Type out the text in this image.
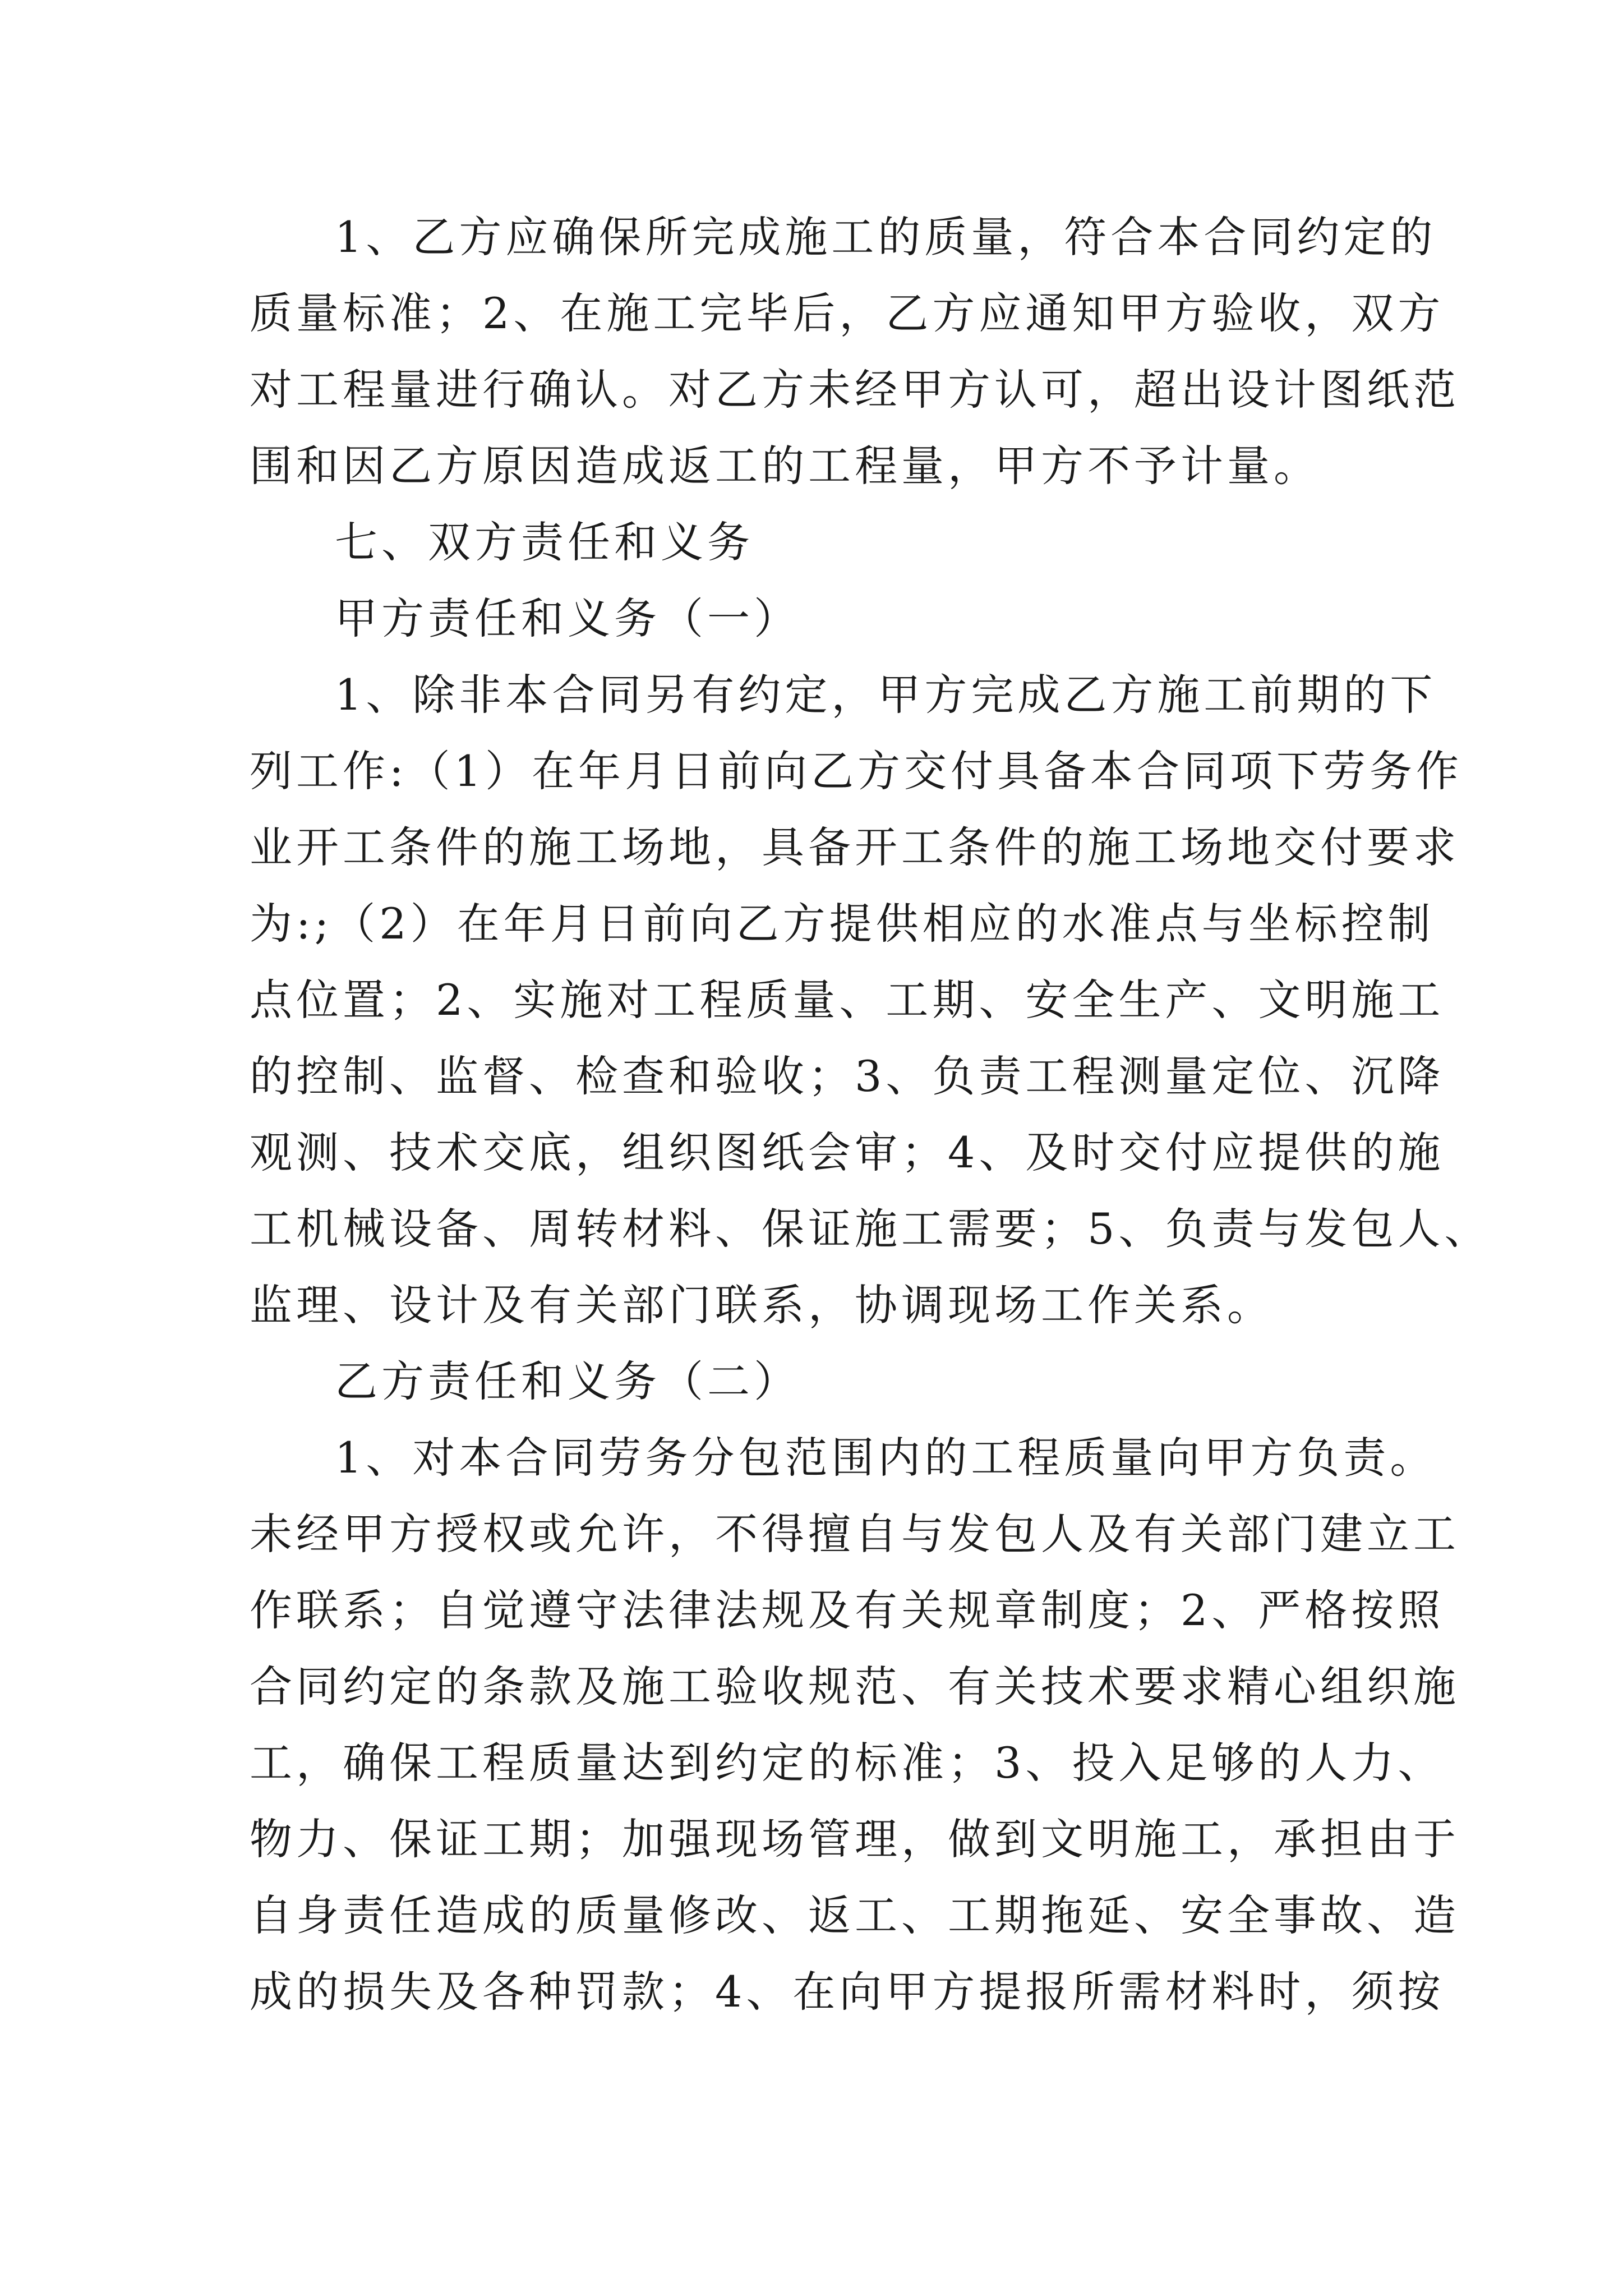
1、乙方应确保所完成施工的质量，符合本合同约定的
质量标准；2、在施工完毕后，乙方应通知甲方验收，双方
对工程量进行确认。对乙方未经甲方认可，超出设计图纸范
围和因乙方原因造成返工的工程量，甲方不予计量。
七、双方责任和义务
甲方责任和义务（一）
1、除非本合同另有约定，甲方完成乙方施工前期的下
列工作:（1）在年月日前向乙方交付具备本合同项下劳务作
业开工条件的施工场地，具备开工条件的施工场地交付要求
为:;（2）在年月日前向乙方提供相应的水准点与坐标控制
点位置；2、实施对工程质量、工期、安全生产、文明施工
的控制、监督、检查和验收；3、负责工程测量定位、沉降
观测、技术交底，组织图纸会审；4、及时交付应提供的施
工机械设备、周转材料、保证施工需要；5、负责与发包人、
监理、设计及有关部门联系，协调现场工作关系。
乙方责任和义务（二）
1、对本合同劳务分包范围内的工程质量向甲方负责。
未经甲方授权或允许，不得擅自与发包人及有关部门建立工
作联系；自觉遵守法律法规及有关规章制度；2、严格按照
合同约定的条款及施工验收规范、有关技术要求精心组织施
工，确保工程质量达到约定的标准；3、投入足够的人力、
物力、保证工期；加强现场管理，做到文明施工，承担由于
自身责任造成的质量修改、返工、工期拖延、安全事故、造
成的损失及各种罚款；4、在向甲方提报所需材料时，须按
